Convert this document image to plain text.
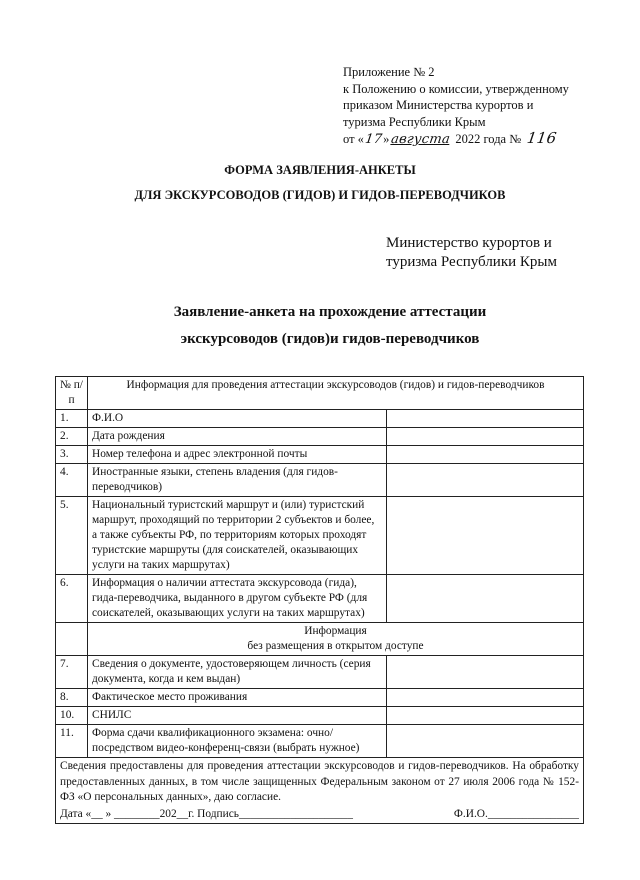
Приложение № 2
к Положению о комиссии, утвержденному
приказом Министерства курортов и
туризма Республики Крым
от «17»августа 2022 года № 116
ФОРМА ЗАЯВЛЕНИЯ-АНКЕТЫ
ДЛЯ ЭКСКУРСОВОДОВ (ГИДОВ) И ГИДОВ-ПЕРЕВОДЧИКОВ
Министерство курортов и
туризма Республики Крым
Заявление-анкета на прохождение аттестации
экскурсоводов (гидов)и гидов-переводчиков
№ п/п	Информация для проведения аттестации экскурсоводов (гидов) и гидов-переводчиков	
1.	Ф.И.О	
2.	Дата рождения	
3.	Номер телефона и адрес электронной почты	
4.	Иностранные языки, степень владения (для гидов-переводчиков)	
5.	Национальный туристский маршрут и (или) туристский маршрут, проходящий по территории 2 субъектов и более, а также субъекты РФ, по территориям которых проходят туристские маршруты (для соискателей, оказывающих услуги на таких маршрутах)	
6.	Информация о наличии аттестата экскурсовода (гида), гида-переводчика, выданного в другом субъекте РФ (для соискателей, оказывающих услуги на таких маршрутах)	

	Информация
без размещения в открытом доступе	

7.	Сведения о документе, удостоверяющем личность (серия документа, когда и кем выдан)	
8.	Фактическое место проживания	
10.	СНИЛС	
11.	Форма сдачи квалификационного экзамена: очно/посредством видео-конференц-связи (выбрать нужное)	

Сведения предоставлены для проведения аттестации экскурсоводов и гидов-переводчиков. На обработку предоставленных данных, в том числе защищенных Федеральным законом от 27 июля 2006 года № 152-ФЗ «О персональных данных», даю согласие.
Дата «__ » ________202__г. Подпись____________________ Ф.И.О.________________		
